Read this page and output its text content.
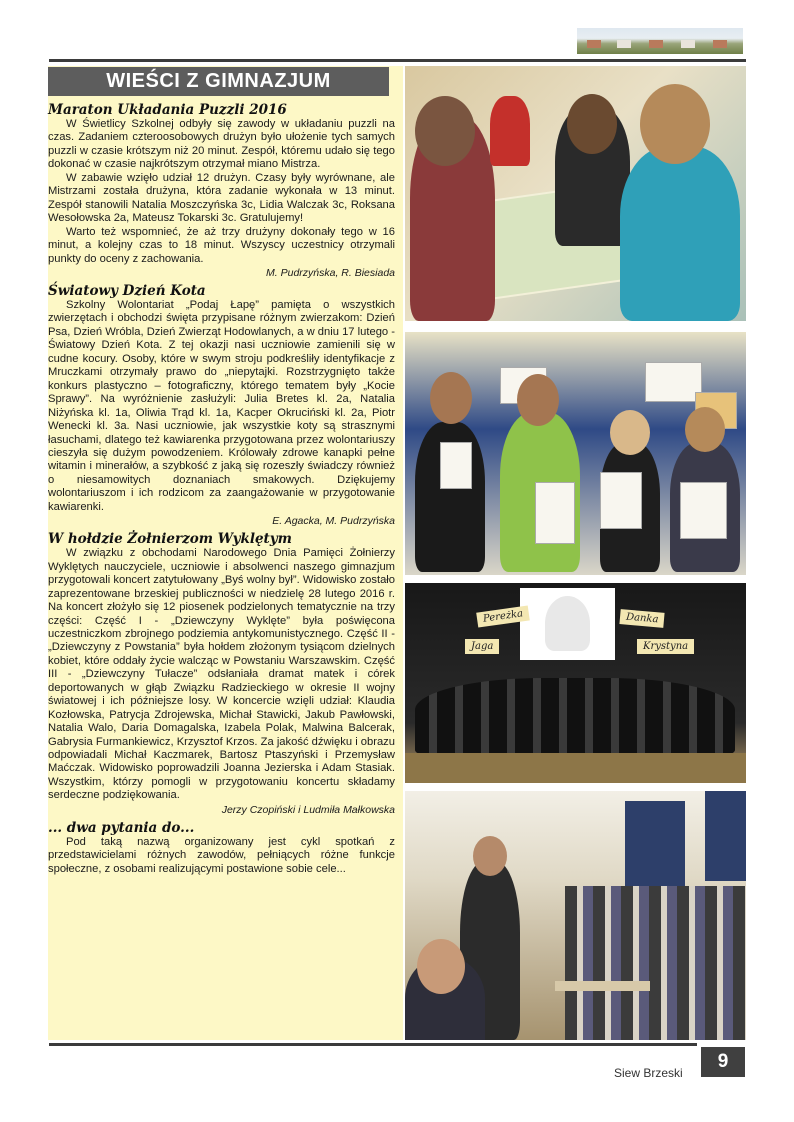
WIEŚCI Z GIMNAZJUM
Maraton Układania Puzzli 2016

W Świetlicy Szkolnej odbyły się zawody w układaniu puzzli na czas. Zadaniem czteroosobowych drużyn było ułożenie tych samych puzzli w czasie krótszym niż 20 minut. Zespół, któremu udało się tego dokonać w czasie najkrótszym otrzymał miano Mistrza.

W zabawie wzięło udział 12 drużyn. Czasy były wyrównane, ale Mistrzami została drużyna, która zadanie wykonała w 13 minut. Zespół stanowili Natalia Moszczyńska 3c, Lidia Walczak 3c, Roksana Wesołowska 2a, Mateusz Tokarski 3c. Gratulujemy!

Warto też wspomnieć, że aż trzy drużyny dokonały tego w 16 minut, a kolejny czas to 18 minut. Wszyscy uczestnicy otrzymali punkty do oceny z zachowania.

M. Pudrzyńska, R. Biesiada
Światowy Dzień Kota

Szkolny Wolontariat „Podaj Łapę” pamięta o wszystkich zwierzętach i obchodzi święta przypisane różnym zwierzakom: Dzień Psa, Dzień Wróbla, Dzień Zwierząt Hodowlanych, a w dniu 17 lutego - Światowy Dzień Kota. Z tej okazji nasi uczniowie zamienili się w cudne kocury. Osoby, które w swym stroju podkreśliły identyfikacje z Mruczkami otrzymały prawo do „niepytajki. Rozstrzygnięto także konkurs plastyczno – fotograficzny, którego tematem były „Kocie Sprawy”. Na wyróżnienie zasłużyli: Julia Bretes kl. 2a, Natalia Niżyńska kl. 1a, Oliwia Trąd kl. 1a, Kacper Okruciński kl. 2a, Piotr Wenecki kl. 3a. Nasi uczniowie, jak wszystkie koty są strasznymi łasuchami, dlatego też kawiarenka przygotowana przez wolontariuszy cieszyła się dużym powodzeniem. Królowały zdrowe kanapki pełne witamin i minerałów, a szybkość z jaką się rozeszły świadczy również o niesamowitych doznaniach smakowych. Dziękujemy wolontariuszom i ich rodzicom za zaangażowanie w przygotowanie kawiarenki.

E. Agacka, M. Pudrzyńska
W hołdzie Żołnierzom Wyklętym

W związku z obchodami Narodowego Dnia Pamięci Żołnierzy Wyklętych nauczyciele, uczniowie i absolwenci naszego gimnazjum przygotowali koncert zatytułowany „Byś wolny był”. Widowisko zostało zaprezentowane brzeskiej publiczności w niedzielę 28 lutego 2016 r. Na koncert złożyło się 12 piosenek podzielonych tematycznie na trzy części: Część I - „Dziewczyny Wyklęte” była poświęcona uczestniczkom zbrojnego podziemia antykomunistycznego. Część II - „Dziewczyny z Powstania” była hołdem złożonym tysiącom dzielnych kobiet, które oddały życie walcząc w Powstaniu Warszawskim. Część III - „Dziewczyny Tułacze” odsłaniała dramat matek i córek deportowanych w głąb Związku Radzieckiego w okresie II wojny światowej i ich późniejsze losy. W koncercie wzięli udział: Klaudia Kozłowska, Patrycja Zdrojewska, Michał Stawicki, Jakub Pawłowski, Natalia Walo, Daria Domagalska, Izabela Polak, Malwina Balcerak, Gabrysia Furmankiewicz, Krzysztof Krzos. Za jakość dźwięku i obrazu odpowiadali Michał Kaczmarek, Bartosz Ptaszyński i Przemysław Maćczak. Widowisko poprowadzili Joanna Jezierska i Adam Stasiak. Wszystkim, którzy pomogli w przygotowaniu koncertu składamy serdeczne podziękowania.

Jerzy Czopiński i Ludmiła Małkowska
... dwa pytania do...

Pod taką nazwą organizowany jest cykl spotkań z przedstawicielami różnych zawodów, pełniących różne funkcje społeczne, z osobami realizującymi postawione sobie cele...

Pereżka	Danka
Jaga	Krystyna
Siew Brzeski
9
